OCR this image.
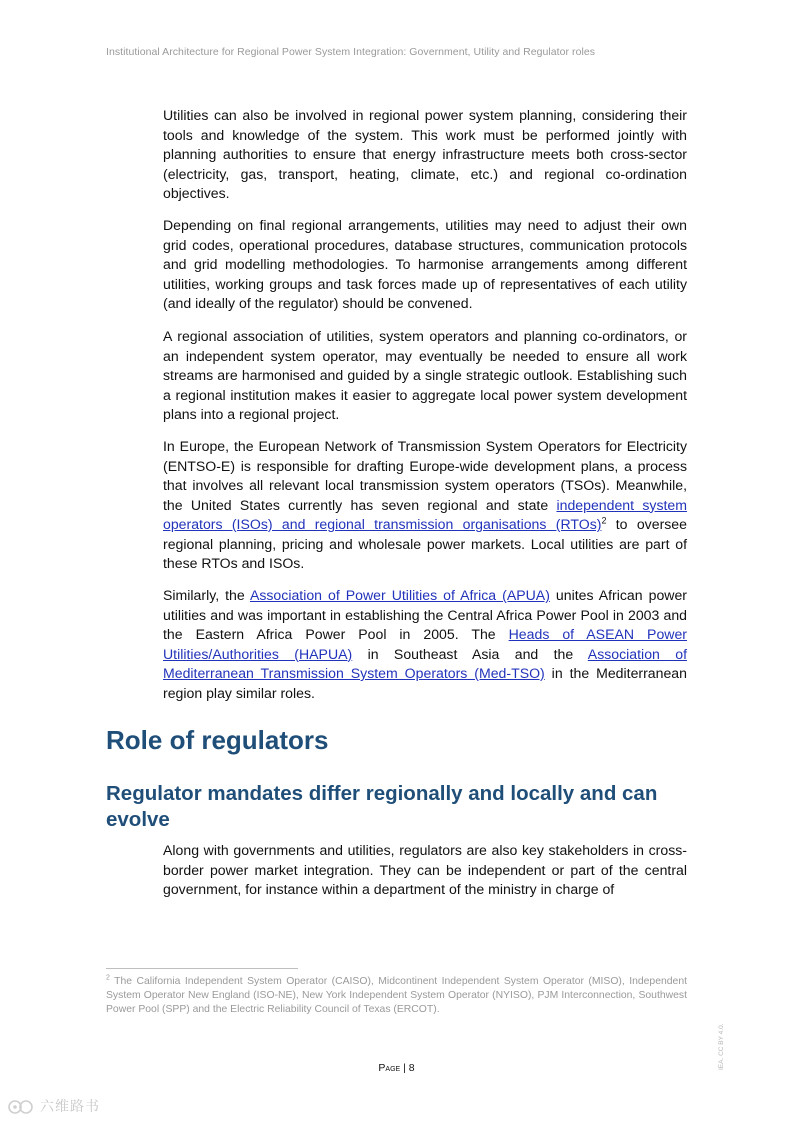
Institutional Architecture for Regional Power System Integration: Government, Utility and Regulator roles

Utilities can also be involved in regional power system planning, considering their tools and knowledge of the system. This work must be performed jointly with planning authorities to ensure that energy infrastructure meets both cross-sector (electricity, gas, transport, heating, climate, etc.) and regional co-ordination objectives.

Depending on final regional arrangements, utilities may need to adjust their own grid codes, operational procedures, database structures, communication protocols and grid modelling methodologies. To harmonise arrangements among different utilities, working groups and task forces made up of representatives of each utility (and ideally of the regulator) should be convened.

A regional association of utilities, system operators and planning co-ordinators, or an independent system operator, may eventually be needed to ensure all work streams are harmonised and guided by a single strategic outlook. Establishing such a regional institution makes it easier to aggregate local power system development plans into a regional project.

In Europe, the European Network of Transmission System Operators for Electricity (ENTSO-E) is responsible for drafting Europe-wide development plans, a process that involves all relevant local transmission system operators (TSOs). Meanwhile, the United States currently has seven regional and state independent system operators (ISOs) and regional transmission organisations (RTOs)$^2$ to oversee regional planning, pricing and wholesale power markets. Local utilities are part of these RTOs and ISOs.

Similarly, the Association of Power Utilities of Africa (APUA) unites African power utilities and was important in establishing the Central Africa Power Pool in 2003 and the Eastern Africa Power Pool in 2005. The Heads of ASEAN Power Utilities/Authorities (HAPUA) in Southeast Asia and the Association of Mediterranean Transmission System Operators (Med-TSO) in the Mediterranean region play similar roles.

Role of regulators
Regulator mandates differ regionally and locally and can evolve

Along with governments and utilities, regulators are also key stakeholders in cross-border power market integration. They can be independent or part of the central government, for instance within a department of the ministry in charge of

$^2$ The California Independent System Operator (CAISO), Midcontinent Independent System Operator (MISO), Independent System Operator New England (ISO-NE), New York Independent System Operator (NYISO), PJM Interconnection, Southwest Power Pool (SPP) and the Electric Reliability Council of Texas (ERCOT).

Page | 8	IEA. CC BY 4.0.
六维路书
